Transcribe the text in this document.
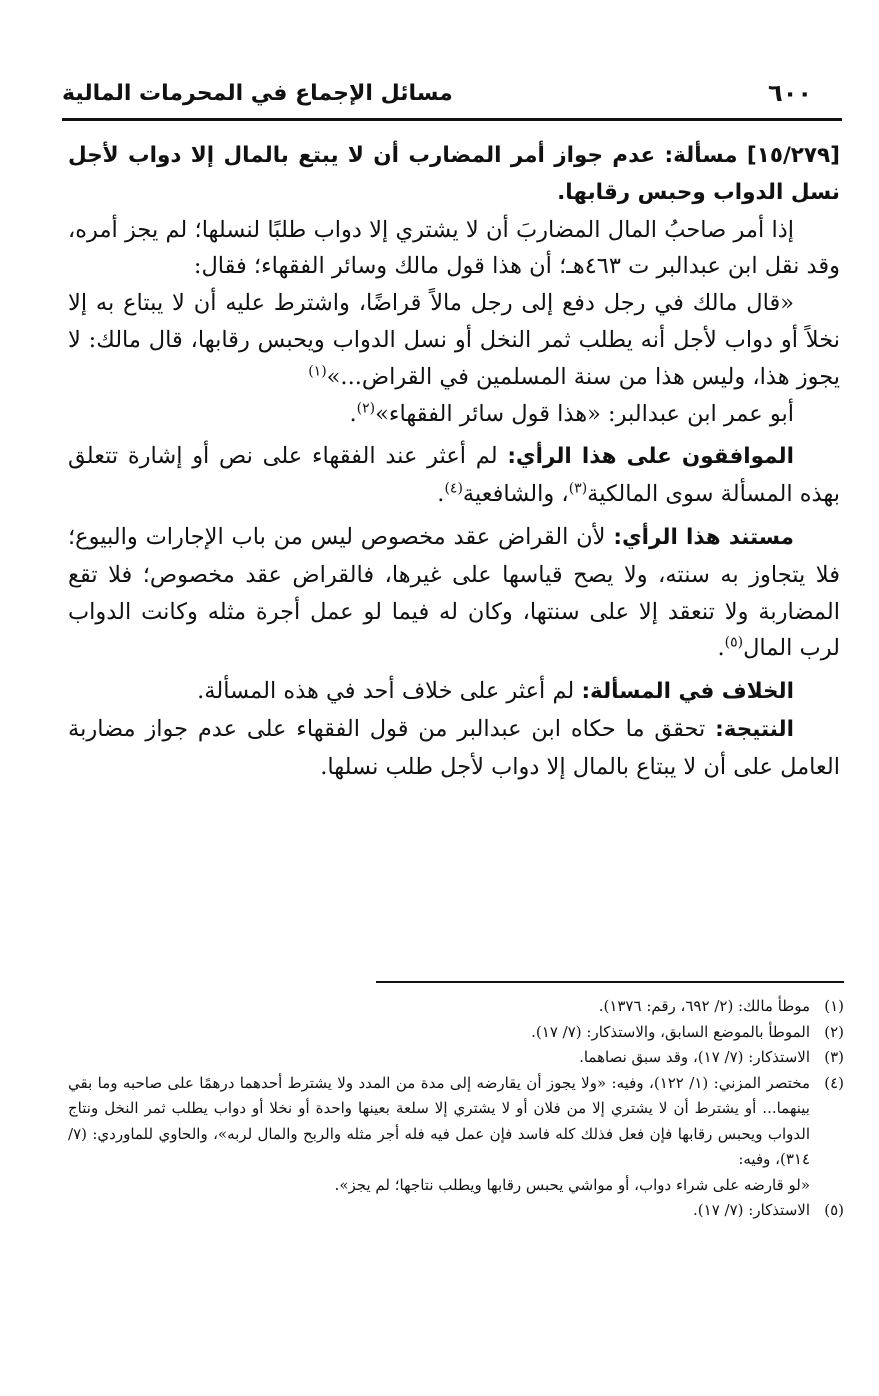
مسائل الإجماع في المحرمات المالية	٦٠٠

[١٥/٢٧٩] مسألة: عدم جواز أمر المضارب أن لا يبتع بالمال إلا دواب لأجل نسل الدواب وحبس رقابها.

إذا أمر صاحبُ المال المضاربَ أن لا يشتري إلا دواب طلبًا لنسلها؛ لم يجز أمره، وقد نقل ابن عبدالبر ت ٤٦٣هـ؛ أن هذا قول مالك وسائر الفقهاء؛ فقال:

«قال مالك في رجل دفع إلى رجل مالاً قراضًا، واشترط عليه أن لا يبتاع به إلا نخلاً أو دواب لأجل أنه يطلب ثمر النخل أو نسل الدواب ويحبس رقابها، قال مالك: لا يجوز هذا، وليس هذا من سنة المسلمين في القراض...»$^{(١)}$

أبو عمر ابن عبدالبر: «هذا قول سائر الفقهاء»$^{(٢)}$.

الموافقون على هذا الرأي: لم أعثر عند الفقهاء على نص أو إشارة تتعلق بهذه المسألة سوى المالكية$^{(٣)}$، والشافعية$^{(٤)}$.

مستند هذا الرأي: لأن القراض عقد مخصوص ليس من باب الإجارات والبيوع؛ فلا يتجاوز به سنته، ولا يصح قياسها على غيرها، فالقراض عقد مخصوص؛ فلا تقع المضاربة ولا تنعقد إلا على سنتها، وكان له فيما لو عمل أجرة مثله وكانت الدواب لرب المال$^{(٥)}$.

الخلاف في المسألة: لم أعثر على خلاف أحد في هذه المسألة.

النتيجة: تحقق ما حكاه ابن عبدالبر من قول الفقهاء على عدم جواز مضاربة العامل على أن لا يبتاع بالمال إلا دواب لأجل طلب نسلها.

(١)
موطأ مالك: (٢/ ٦٩٢، رقم: ١٣٧٦).
(٢)
الموطأ بالموضع السابق، والاستذكار: (٧/ ١٧).
(٣)
الاستذكار: (٧/ ١٧)، وقد سبق نصاهما.
(٤)
مختصر المزني: (١/ ١٢٢)، وفيه: «ولا يجوز أن يقارضه إلى مدة من المدد ولا يشترط أحدهما درهمًا على صاحبه وما بقي بينهما... أو يشترط أن لا يشتري إلا من فلان أو لا يشتري إلا سلعة بعينها واحدة أو نخلا أو دواب يطلب ثمر النخل ونتاج الدواب ويحبس رقابها فإن فعل فذلك كله فاسد فإن عمل فيه فله أجر مثله والربح والمال لربه»، والحاوي للماوردي: (٧/ ٣١٤)، وفيه:

«لو قارضه على شراء دواب، أو مواشي يحبس رقابها ويطلب نتاجها؛ لم يجز».

(٥)
الاستذكار: (٧/ ١٧).
